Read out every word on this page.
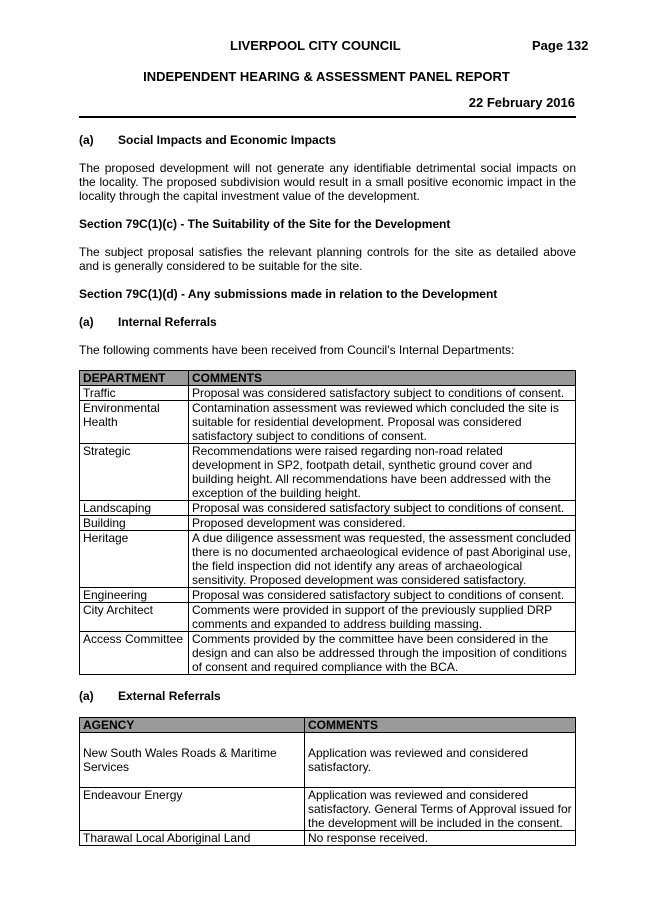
LIVERPOOL CITY COUNCIL	Page 132
INDEPENDENT HEARING & ASSESSMENT PANEL REPORT
22 February 2016
(a) Social Impacts and Economic Impacts
The proposed development will not generate any identifiable detrimental social impacts on the locality. The proposed subdivision would result in a small positive economic impact in the locality through the capital investment value of the development.
Section 79C(1)(c) - The Suitability of the Site for the Development
The subject proposal satisfies the relevant planning controls for the site as detailed above and is generally considered to be suitable for the site.
Section 79C(1)(d) - Any submissions made in relation to the Development
(a) Internal Referrals
The following comments have been received from Council’s Internal Departments:
DEPARTMENT	COMMENTS
Traffic	Proposal was considered satisfactory subject to conditions of consent.
Environmental Health	Contamination assessment was reviewed which concluded the site is suitable for residential development. Proposal was considered satisfactory subject to conditions of consent.
Strategic	Recommendations were raised regarding non-road related development in SP2, footpath detail, synthetic ground cover and building height. All recommendations have been addressed with the exception of the building height.
Landscaping	Proposal was considered satisfactory subject to conditions of consent.
Building	Proposed development was considered.
Heritage	A due diligence assessment was requested, the assessment concluded there is no documented archaeological evidence of past Aboriginal use, the field inspection did not identify any areas of archaeological sensitivity. Proposed development was considered satisfactory.
Engineering	Proposal was considered satisfactory subject to conditions of consent.
City Architect	Comments were provided in support of the previously supplied DRP comments and expanded to address building massing.
Access Committee	Comments provided by the committee have been considered in the design and can also be addressed through the imposition of conditions of consent and required compliance with the BCA.
(a) External Referrals
AGENCY	COMMENTS
New South Wales Roads & Maritime Services	Application was reviewed and considered satisfactory.
Endeavour Energy	Application was reviewed and considered satisfactory. General Terms of Approval issued for the development will be included in the consent.
Tharawal Local Aboriginal Land	No response received.
